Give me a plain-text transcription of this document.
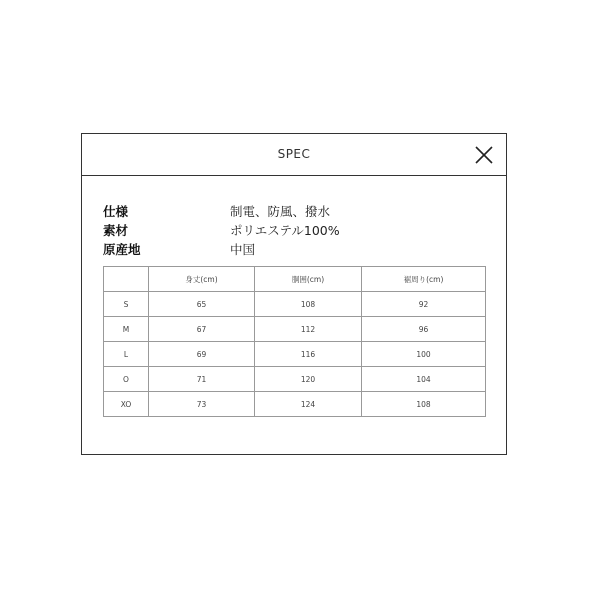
SPEC
仕様	制電、防風、撥水
素材	ポリエステル100%
原産地	中国
	身丈(cm)	胴囲(cm)	裾周り(cm)
S	65	108	92
M	67	112	96
L	69	116	100
O	71	120	104
XO	73	124	108
